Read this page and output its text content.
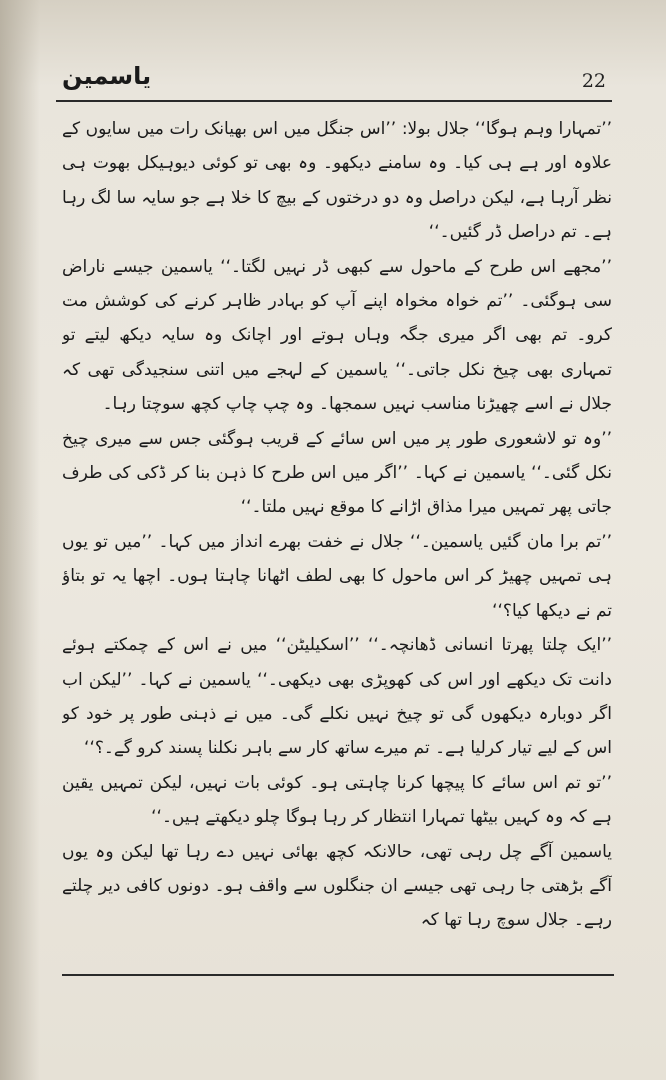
یاسمین	22

’’تمہارا وہم ہوگا‘‘ جلال بولا: ’’اس جنگل میں اس بھیانک رات میں سایوں کے علاوہ اور ہے ہی کیا۔ وہ سامنے دیکھو۔ وہ بھی تو کوئی دیوہیکل بھوت ہی نظر آرہا ہے، لیکن دراصل وہ دو درختوں کے بیچ کا خلا ہے جو سایہ سا لگ رہا ہے۔ تم دراصل ڈر گئیں۔‘‘

’’مجھے اس طرح کے ماحول سے کبھی ڈر نہیں لگتا۔‘‘ یاسمین جیسے ناراض سی ہوگئی۔ ’’تم خواہ مخواہ اپنے آپ کو بہادر ظاہر کرنے کی کوشش مت کرو۔ تم بھی اگر میری جگہ وہاں ہوتے اور اچانک وہ سایہ دیکھ لیتے تو تمہاری بھی چیخ نکل جاتی۔‘‘ یاسمین کے لہجے میں اتنی سنجیدگی تھی کہ جلال نے اسے چھیڑنا مناسب نہیں سمجھا۔ وہ چپ چاپ کچھ سوچتا رہا۔

’’وہ تو لاشعوری طور پر میں اس سائے کے قریب ہوگئی جس سے میری چیخ نکل گئی۔‘‘ یاسمین نے کہا۔ ’’اگر میں اس طرح کا ذہن بنا کر ڈکی کی طرف جاتی پھر تمہیں میرا مذاق اڑانے کا موقع نہیں ملتا۔‘‘

’’تم برا مان گئیں یاسمین۔‘‘ جلال نے خفت بھرے انداز میں کہا۔ ’’میں تو یوں ہی تمہیں چھیڑ کر اس ماحول کا بھی لطف اٹھانا چاہتا ہوں۔ اچھا یہ تو بتاؤ تم نے دیکھا کیا؟‘‘

’’ایک چلتا پھرتا انسانی ڈھانچہ۔‘‘ ’’اسکیلیٹن‘‘ میں نے اس کے چمکتے ہوئے دانت تک دیکھے اور اس کی کھوپڑی بھی دیکھی۔‘‘ یاسمین نے کہا۔ ’’لیکن اب اگر دوبارہ دیکھوں گی تو چیخ نہیں نکلے گی۔ میں نے ذہنی طور پر خود کو اس کے لیے تیار کرلیا ہے۔ تم میرے ساتھ کار سے باہر نکلنا پسند کرو گے۔؟‘‘

’’تو تم اس سائے کا پیچھا کرنا چاہتی ہو۔ کوئی بات نہیں، لیکن تمہیں یقین ہے کہ وہ کہیں بیٹھا تمہارا انتظار کر رہا ہوگا چلو دیکھتے ہیں۔‘‘

یاسمین آگے چل رہی تھی، حالانکہ کچھ بھائی نہیں دے رہا تھا لیکن وہ یوں آگے بڑھتی جا رہی تھی جیسے ان جنگلوں سے واقف ہو۔ دونوں کافی دیر چلتے رہے۔ جلال سوچ رہا تھا کہ
